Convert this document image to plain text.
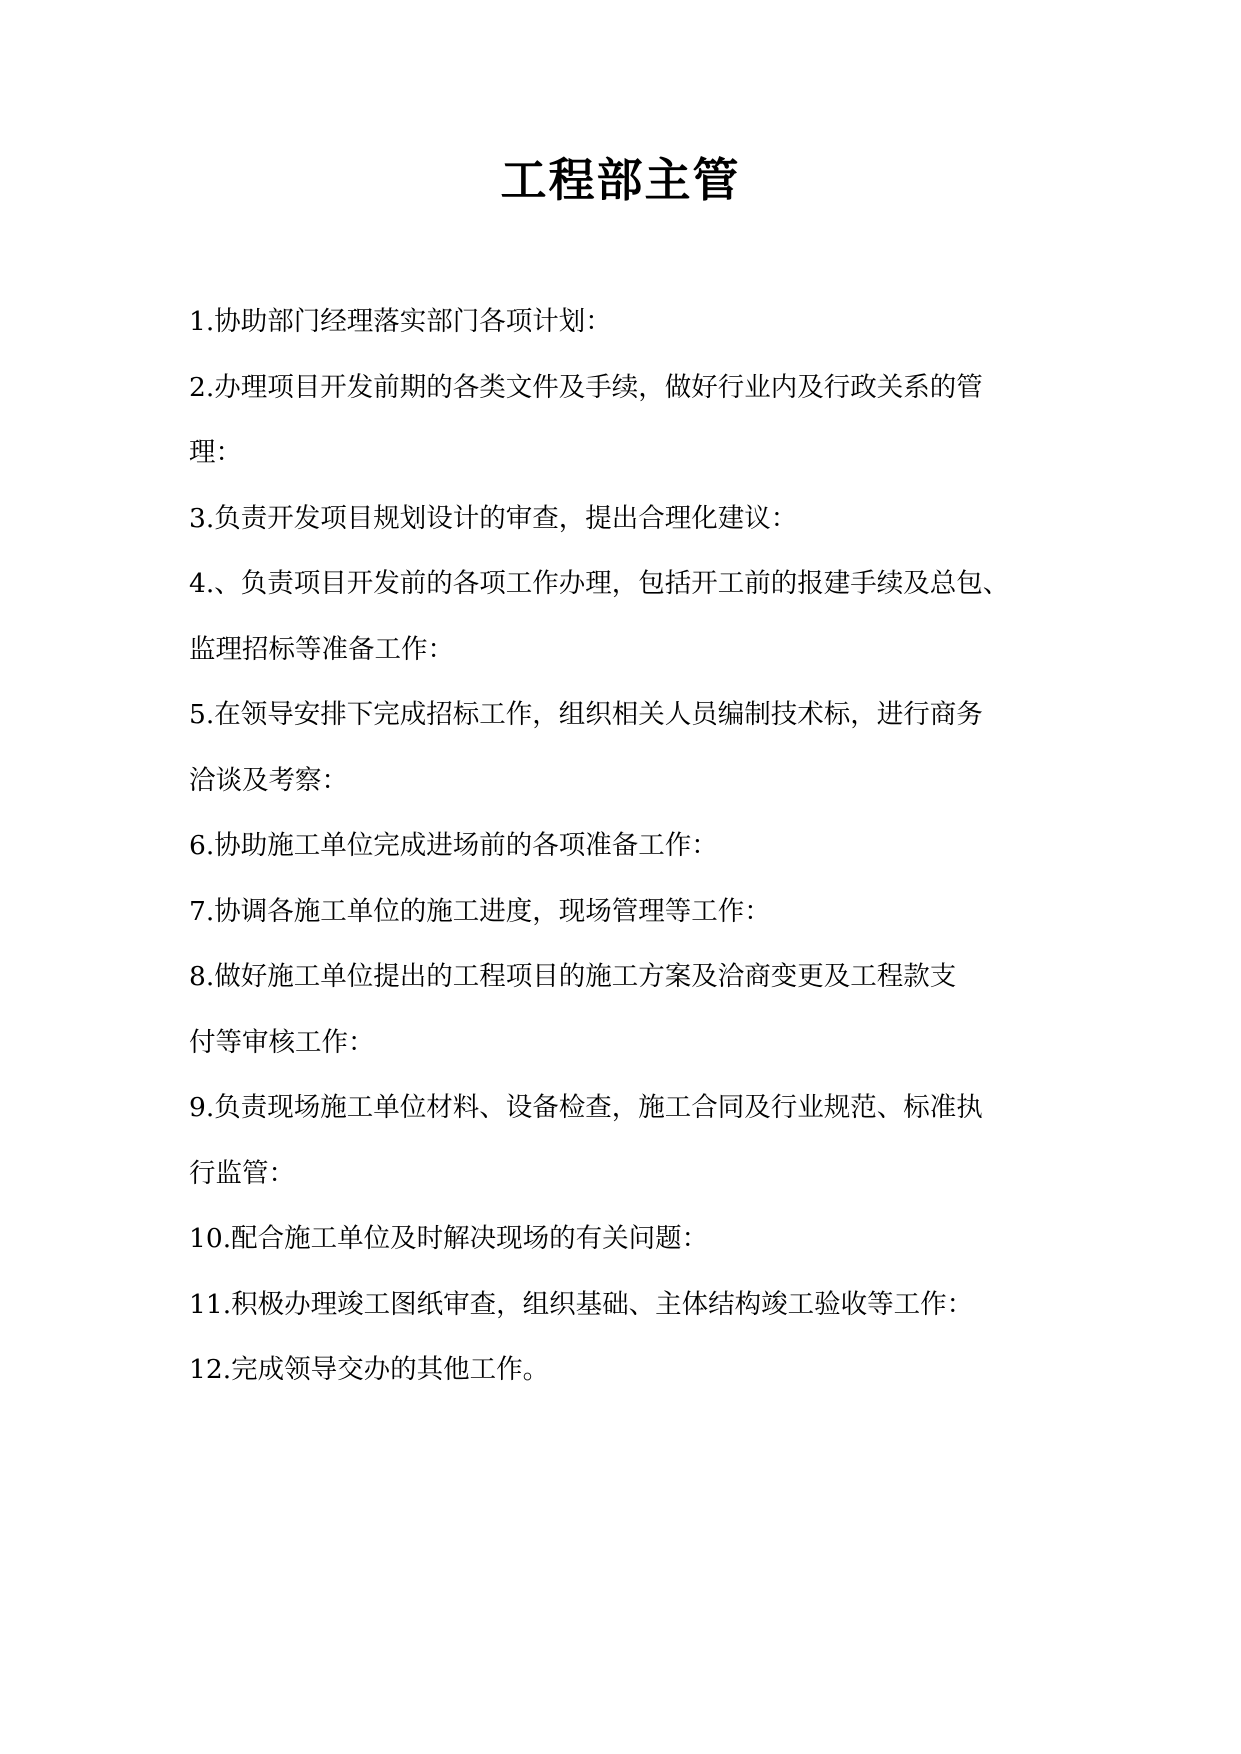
工程部主管
1.协助部门经理落实部门各项计划：
2.办理项目开发前期的各类文件及手续，做好行业内及行政关系的管
理：
3.负责开发项目规划设计的审查，提出合理化建议：
4.、负责项目开发前的各项工作办理，包括开工前的报建手续及总包、
监理招标等准备工作：
5.在领导安排下完成招标工作，组织相关人员编制技术标，进行商务
洽谈及考察：
6.协助施工单位完成进场前的各项准备工作：
7.协调各施工单位的施工进度，现场管理等工作：
8.做好施工单位提出的工程项目的施工方案及洽商变更及工程款支
付等审核工作：
9.负责现场施工单位材料、设备检查，施工合同及行业规范、标准执
行监管：
10.配合施工单位及时解决现场的有关问题：
11.积极办理竣工图纸审查，组织基础、主体结构竣工验收等工作：
12.完成领导交办的其他工作。
